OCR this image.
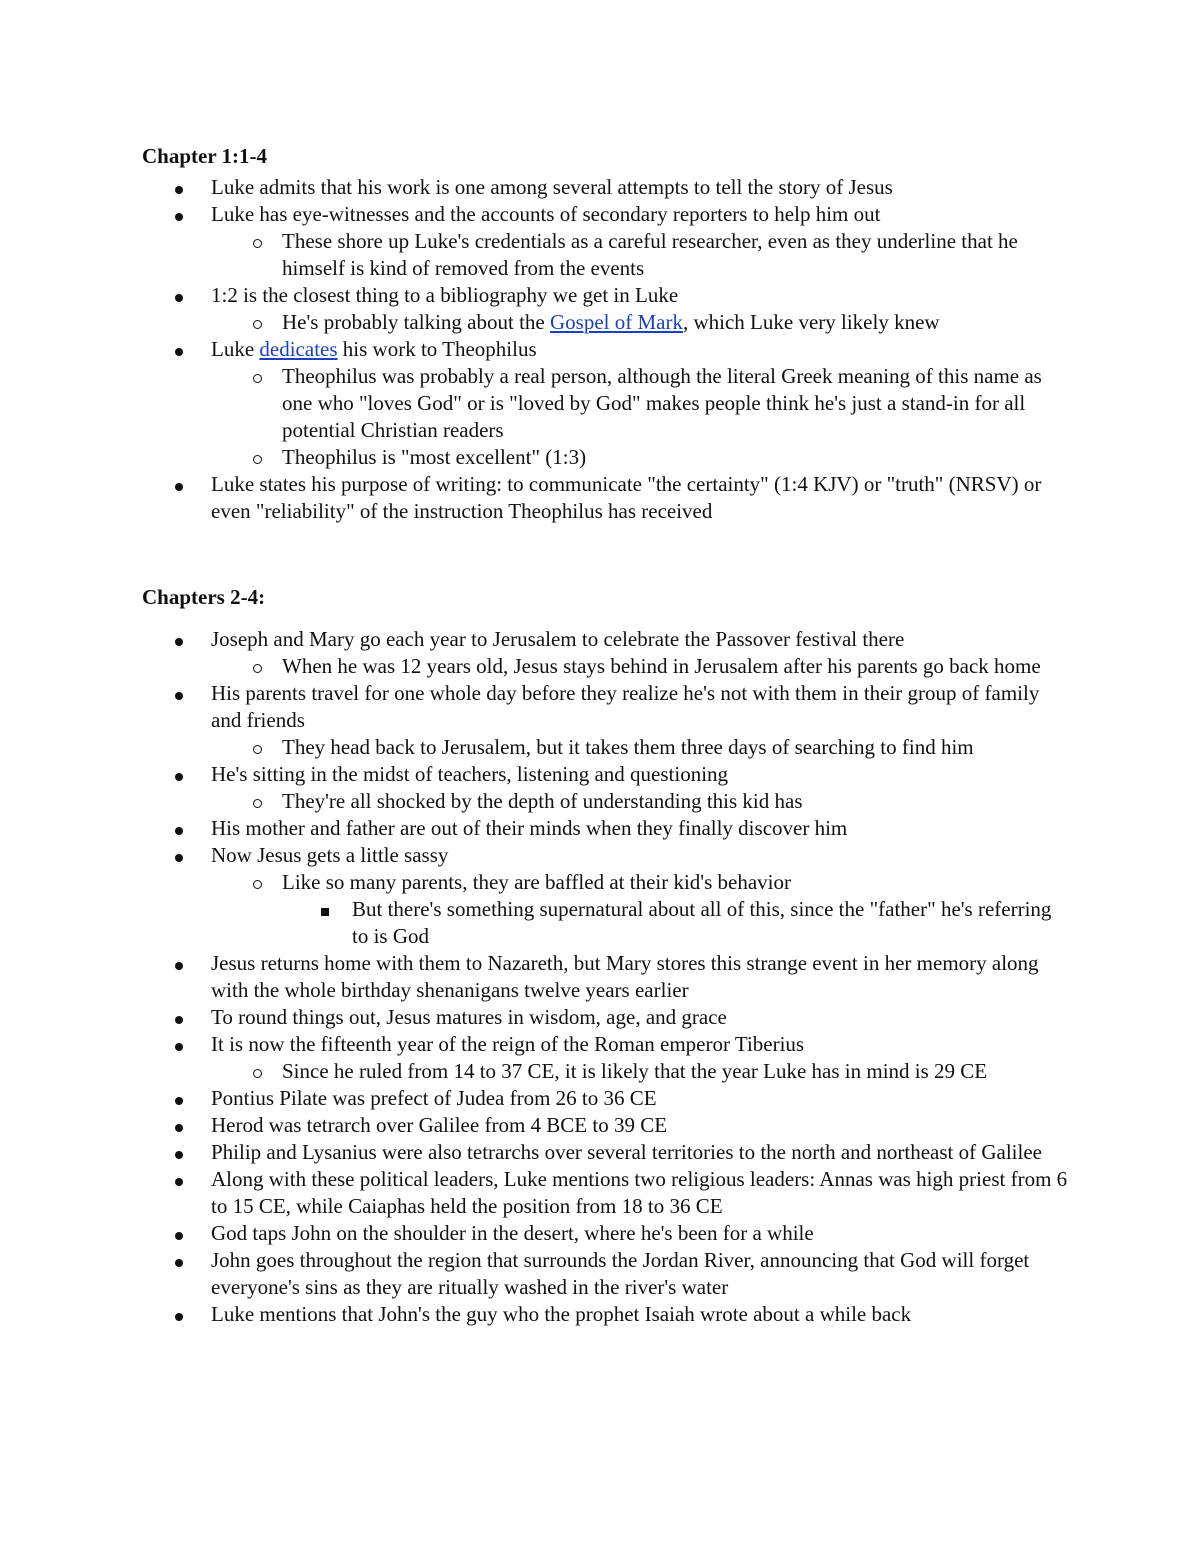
Chapter 1:1-4
Luke admits that his work is one among several attempts to tell the story of Jesus
Luke has eye-witnesses and the accounts of secondary reporters to help him out
These shore up Luke's credentials as a careful researcher, even as they underline that he himself is kind of removed from the events
1:2 is the closest thing to a bibliography we get in Luke
He's probably talking about the Gospel of Mark, which Luke very likely knew
Luke dedicates his work to Theophilus
Theophilus was probably a real person, although the literal Greek meaning of this name as one who "loves God" or is "loved by God" makes people think he's just a stand-in for all potential Christian readers
Theophilus is "most excellent" (1:3)
Luke states his purpose of writing: to communicate "the certainty" (1:4 KJV) or "truth" (NRSV) or even "reliability" of the instruction Theophilus has received
Chapters 2-4:
Joseph and Mary go each year to Jerusalem to celebrate the Passover festival there
When he was 12 years old, Jesus stays behind in Jerusalem after his parents go back home
His parents travel for one whole day before they realize he's not with them in their group of family and friends
They head back to Jerusalem, but it takes them three days of searching to find him
He's sitting in the midst of teachers, listening and questioning
They're all shocked by the depth of understanding this kid has
His mother and father are out of their minds when they finally discover him
Now Jesus gets a little sassy
Like so many parents, they are baffled at their kid's behavior
But there's something supernatural about all of this, since the "father" he's referring to is God
Jesus returns home with them to Nazareth, but Mary stores this strange event in her memory along with the whole birthday shenanigans twelve years earlier
To round things out, Jesus matures in wisdom, age, and grace
It is now the fifteenth year of the reign of the Roman emperor Tiberius
Since he ruled from 14 to 37 CE, it is likely that the year Luke has in mind is 29 CE
Pontius Pilate was prefect of Judea from 26 to 36 CE
Herod was tetrarch over Galilee from 4 BCE to 39 CE
Philip and Lysanius were also tetrarchs over several territories to the north and northeast of Galilee
Along with these political leaders, Luke mentions two religious leaders: Annas was high priest from 6 to 15 CE, while Caiaphas held the position from 18 to 36 CE
God taps John on the shoulder in the desert, where he's been for a while
John goes throughout the region that surrounds the Jordan River, announcing that God will forget everyone's sins as they are ritually washed in the river's water
Luke mentions that John's the guy who the prophet Isaiah wrote about a while back
